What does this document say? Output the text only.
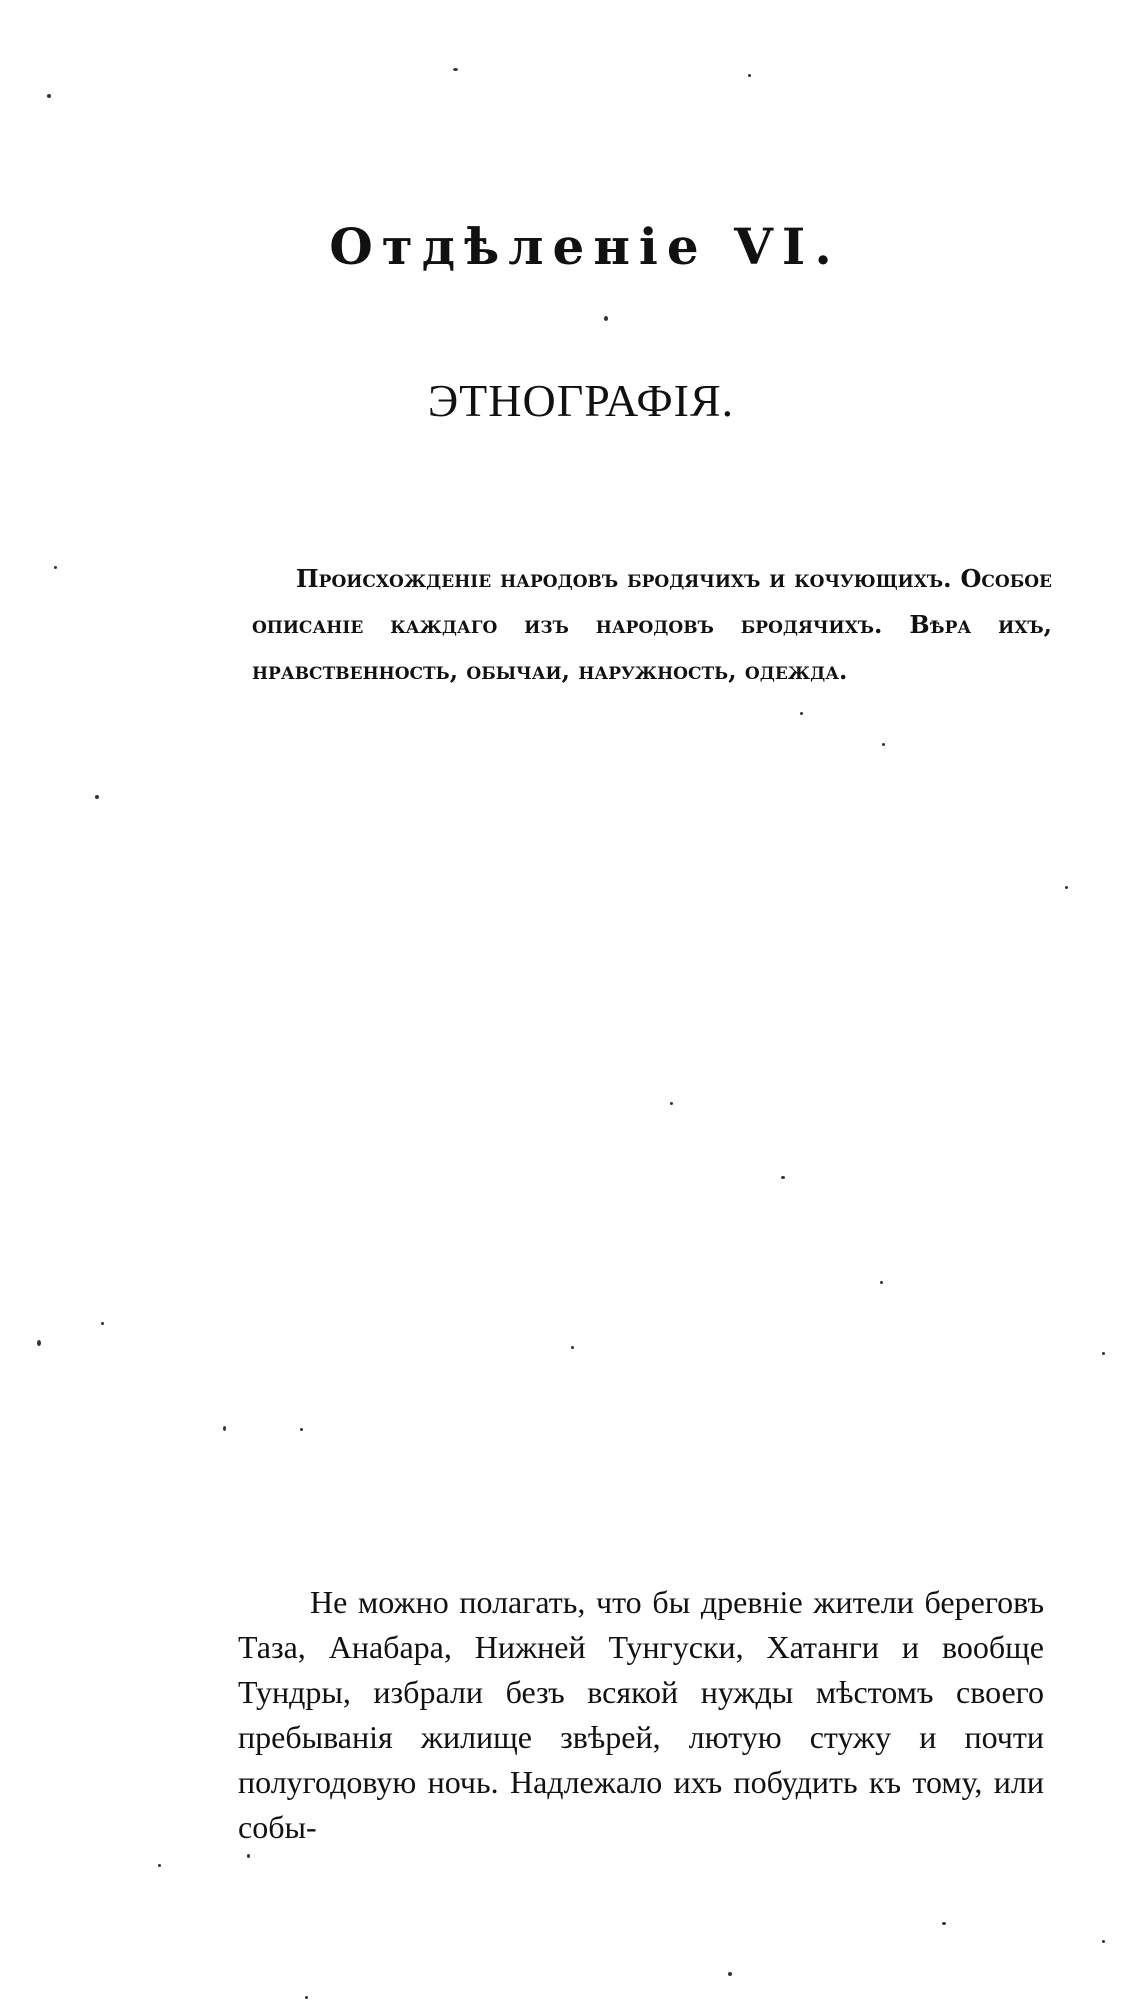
Отдѣленіе VI.
ЭТНОГРАФІЯ.

Происхожденіе народовъ бродячихъ и кочующихъ. Особое описаніе каждаго изъ народовъ бродячихъ. Вѣра ихъ, нравственность, обычаи, наружность, одежда.

Не можно полагать, что бы древніе жители береговъ Таза, Анабара, Нижней Тунгуски, Хатанги и вообще Тундры, избрали безъ всякой нужды мѣстомъ своего пребыванія жилище звѣрей, лютую стужу и почти полугодовую ночь. Надлежало ихъ побудить къ тому, или собы-
